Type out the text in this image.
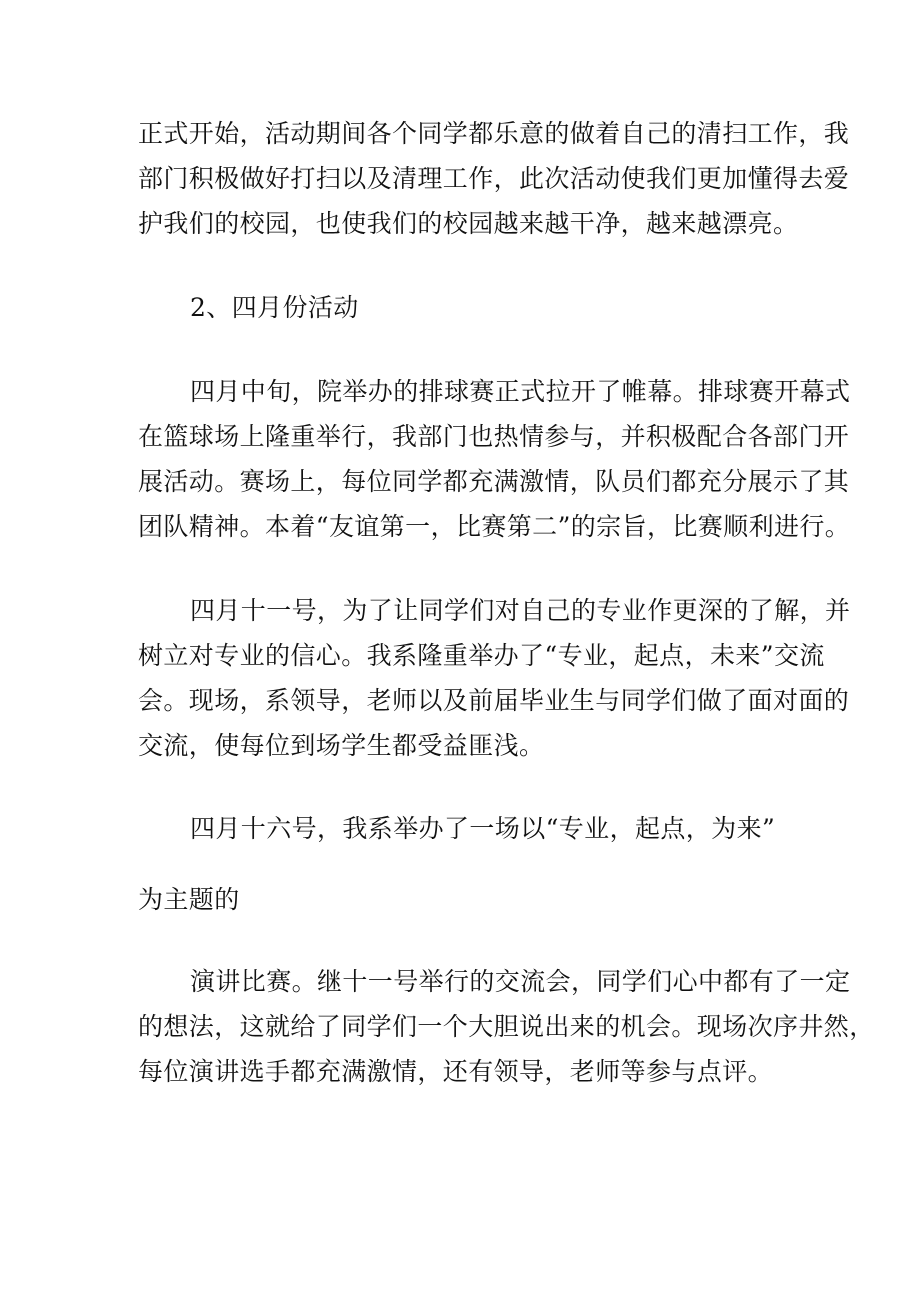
正式开始，活动期间各个同学都乐意的做着自己的清扫工作，我
部门积极做好打扫以及清理工作，此次活动使我们更加懂得去爱
护我们的校园，也使我们的校园越来越干净，越来越漂亮。
2、四月份活动
四月中旬，院举办的排球赛正式拉开了帷幕。排球赛开幕式
在篮球场上隆重举行，我部门也热情参与，并积极配合各部门开
展活动。赛场上，每位同学都充满激情，队员们都充分展示了其
团队精神。本着“友谊第一，比赛第二”的宗旨，比赛顺利进行。
四月十一号，为了让同学们对自己的专业作更深的了解，并
树立对专业的信心。我系隆重举办了“专业，起点，未来”交流
会。现场，系领导，老师以及前届毕业生与同学们做了面对面的
交流，使每位到场学生都受益匪浅。
四月十六号，我系举办了一场以“专业，起点，为来”
为主题的
演讲比赛。继十一号举行的交流会，同学们心中都有了一定
的想法，这就给了同学们一个大胆说出来的机会。现场次序井然，
每位演讲选手都充满激情，还有领导，老师等参与点评。
